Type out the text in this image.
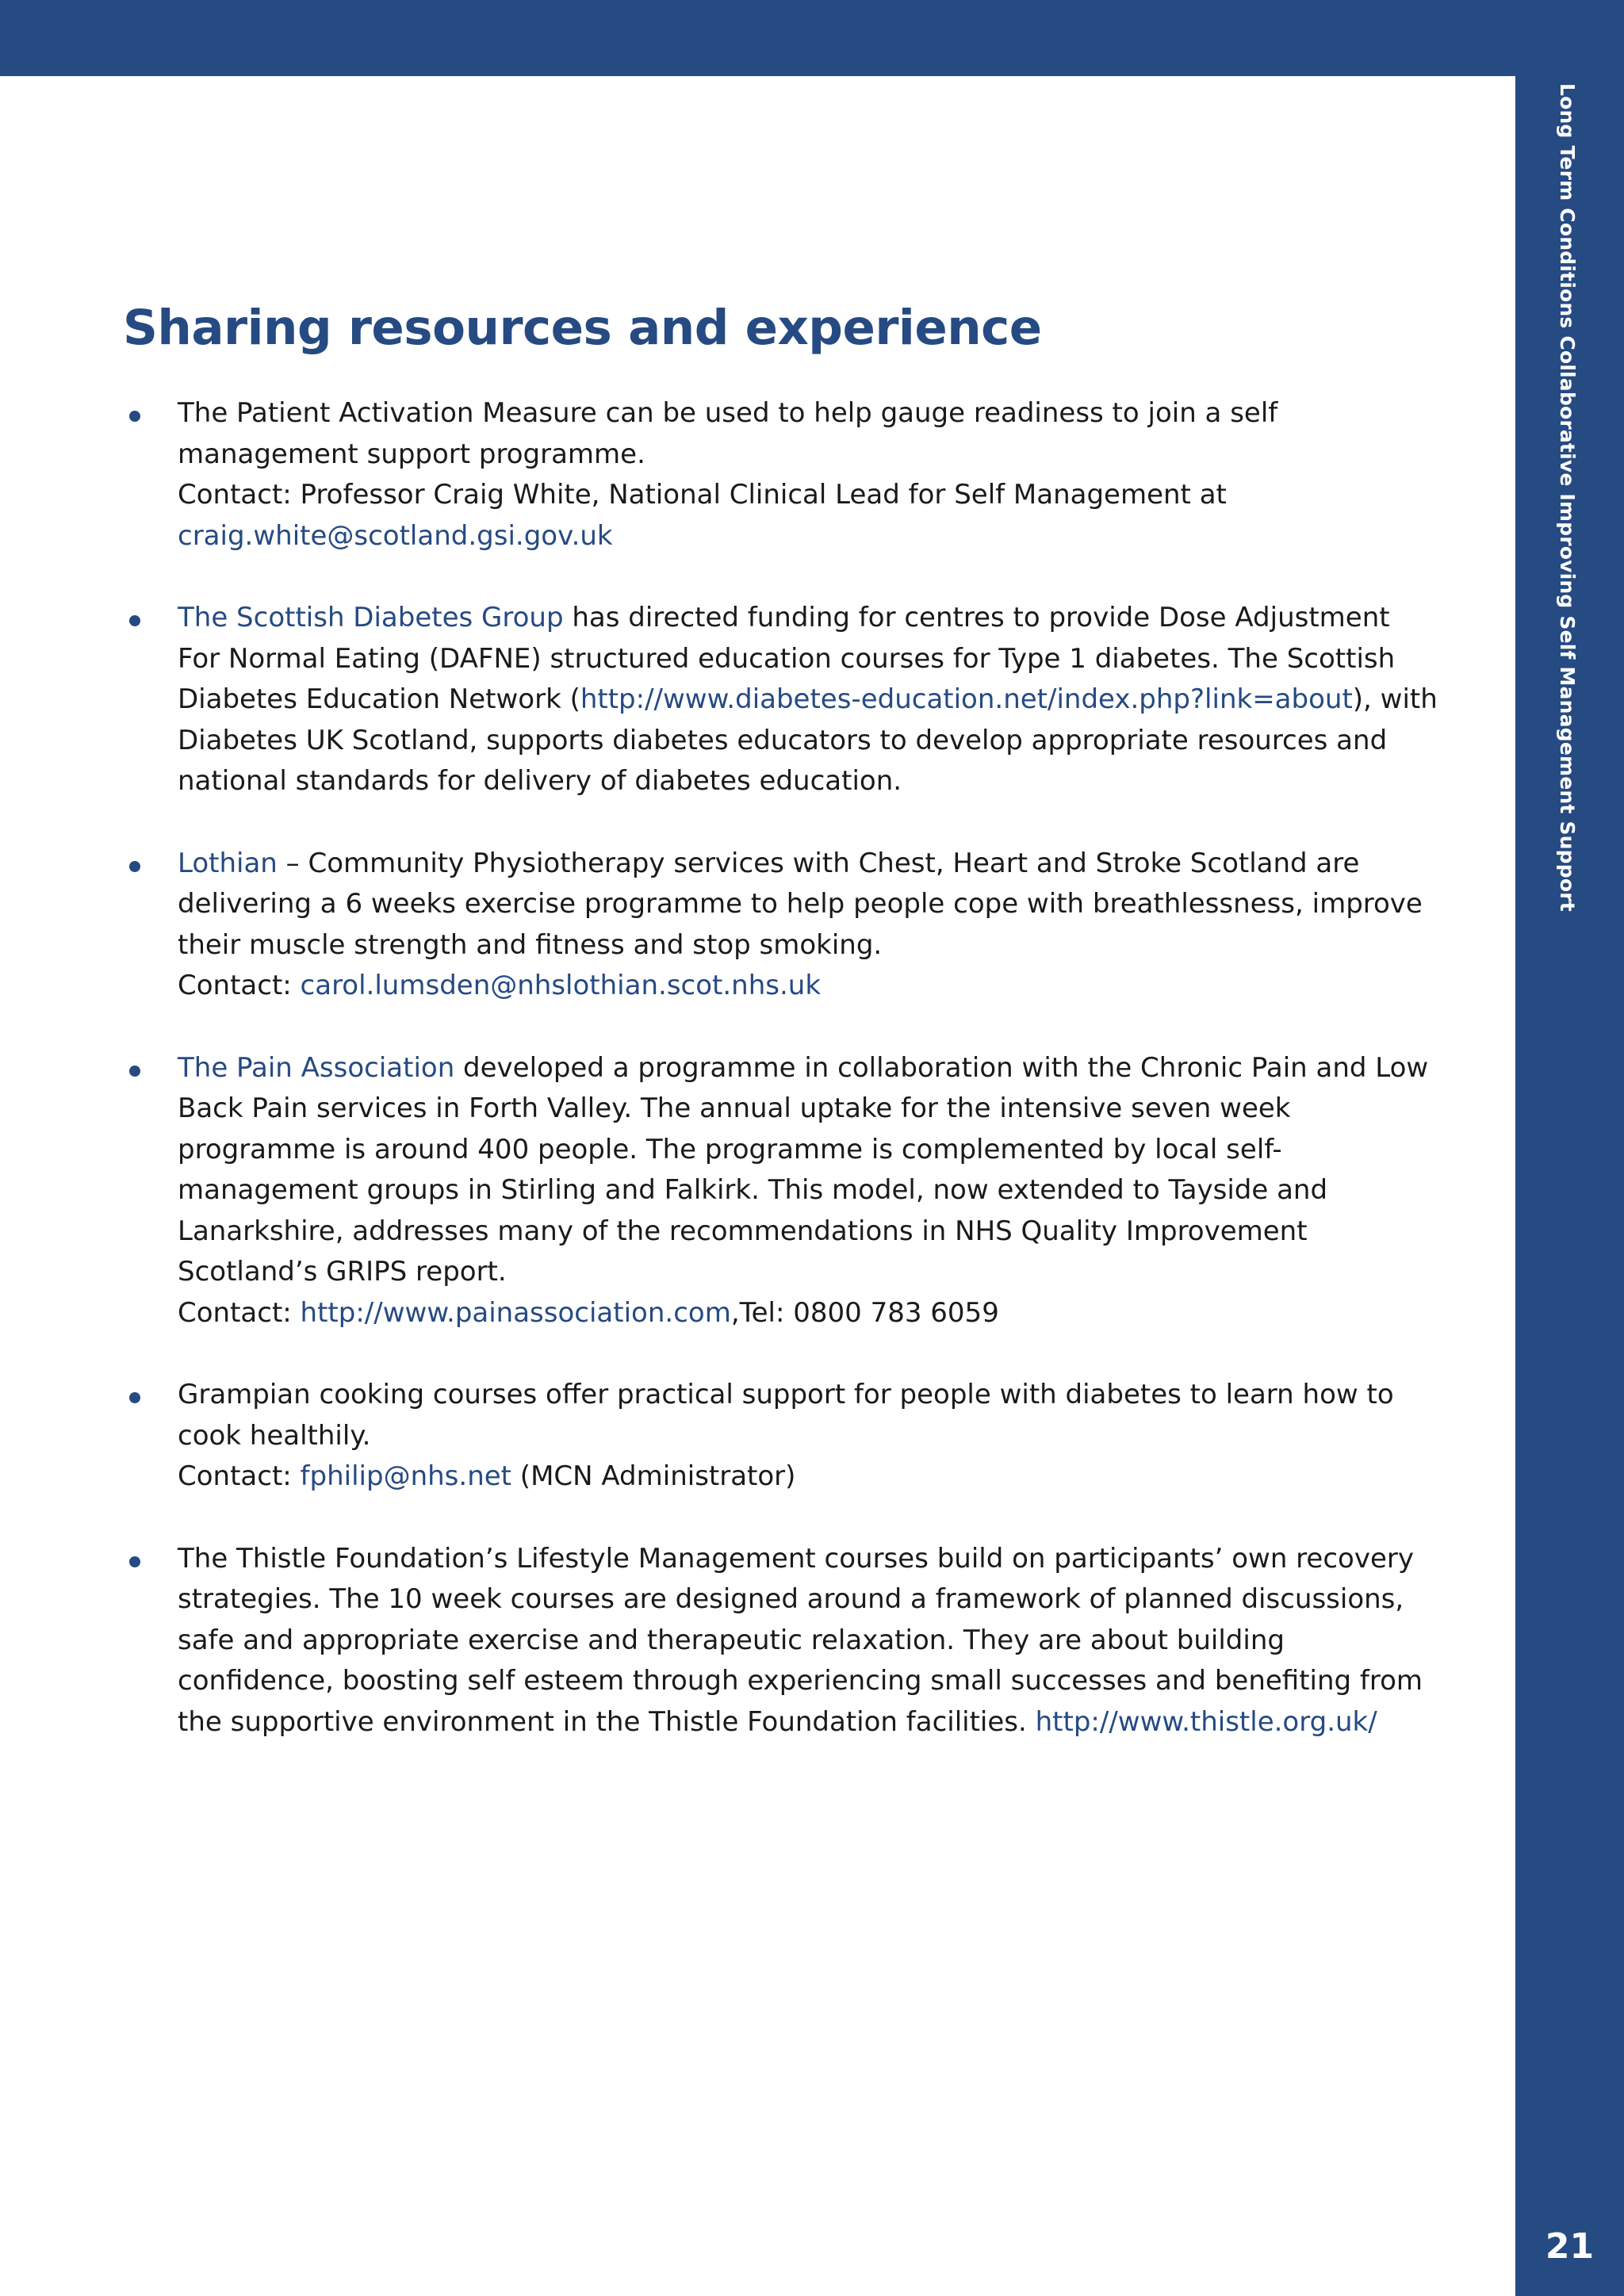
Long Term Conditions Collaborative Improving Self Management Support
21
Sharing resources and experience
The Patient Activation Measure can be used to help gauge readiness to join a self management support programme.
Contact: Professor Craig White, National Clinical Lead for Self Management at
craig.white@scotland.gsi.gov.uk
The Scottish Diabetes Group has directed funding for centres to provide Dose Adjustment For Normal Eating (DAFNE) structured education courses for Type 1 diabetes. The Scottish Diabetes Education Network (http://www.diabetes-education.net/index.php?link=about), with Diabetes UK Scotland, supports diabetes educators to develop appropriate resources and national standards for delivery of diabetes education.
Lothian – Community Physiotherapy services with Chest, Heart and Stroke Scotland are delivering a 6 weeks exercise programme to help people cope with breathlessness, improve their muscle strength and fitness and stop smoking.
Contact: carol.lumsden@nhslothian.scot.nhs.uk
The Pain Association developed a programme in collaboration with the Chronic Pain and Low Back Pain services in Forth Valley. The annual uptake for the intensive seven week programme is around 400 people. The programme is complemented by local self-management groups in Stirling and Falkirk. This model, now extended to Tayside and Lanarkshire, addresses many of the recommendations in NHS Quality Improvement Scotland’s GRIPS report.
Contact: http://www.painassociation.com,Tel: 0800 783 6059
Grampian cooking courses offer practical support for people with diabetes to learn how to cook healthily.
Contact: fphilip@nhs.net (MCN Administrator)
The Thistle Foundation’s Lifestyle Management courses build on participants’ own recovery strategies. The 10 week courses are designed around a framework of planned discussions, safe and appropriate exercise and therapeutic relaxation. They are about building confidence, boosting self esteem through experiencing small successes and benefiting from the supportive environment in the Thistle Foundation facilities. http://www.thistle.org.uk/
